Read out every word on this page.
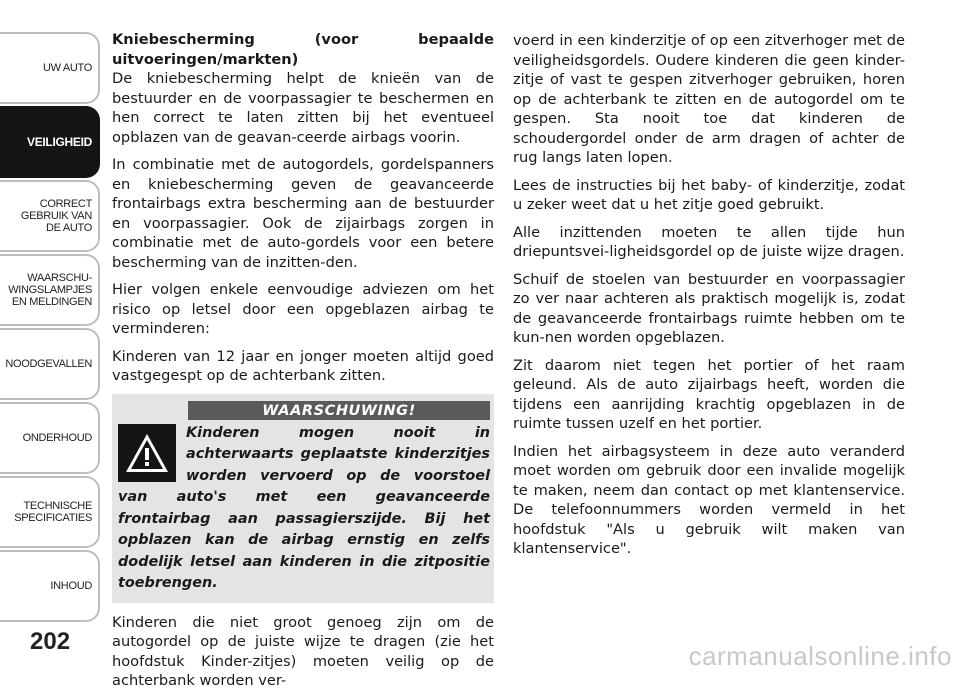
UW AUTO
VEILIGHEID
CORRECT
GEBRUIK VAN
DE AUTO
WAARSCHU-
WINGSLAMPJES
EN MELDINGEN
NOODGEVALLEN
ONDERHOUD
TECHNISCHE
SPECIFICATIES
INHOUD
202

Kniebescherming (voor bepaalde uitvoeringen/markten)

De kniebescherming helpt de knieën van de bestuurder en de voorpassagier te beschermen en hen correct te laten zitten bij het eventueel opblazen van de geavan-ceerde airbags voorin.

In combinatie met de autogordels, gordelspanners en kniebescherming geven de geavanceerde frontairbags extra bescherming aan de bestuurder en voorpassagier. Ook de zijairbags zorgen in combinatie met de auto-gordels voor een betere bescherming van de inzitten-den.

Hier volgen enkele eenvoudige adviezen om het risico op letsel door een opgeblazen airbag te verminderen:

Kinderen van 12 jaar en jonger moeten altijd goed vastgegespt op de achterbank zitten.

WAARSCHUWING!
Kinderen mogen nooit in achterwaarts geplaatste kinderzitjes worden vervoerd op de voorstoel van auto's met een geavanceerde frontairbag aan passagierszijde. Bij het opblazen kan de airbag ernstig en zelfs dodelijk letsel aan kinderen in die zitpositie toebrengen.

Kinderen die niet groot genoeg zijn om de autogordel op de juiste wijze te dragen (zie het hoofdstuk Kinder-zitjes) moeten veilig op de achterbank worden ver-

voerd in een kinderzitje of op een zitverhoger met de veiligheidsgordels. Oudere kinderen die geen kinder-zitje of vast te gespen zitverhoger gebruiken, horen op de achterbank te zitten en de autogordel om te gespen. Sta nooit toe dat kinderen de schoudergordel onder de arm dragen of achter de rug langs laten lopen.

Lees de instructies bij het baby- of kinderzitje, zodat u zeker weet dat u het zitje goed gebruikt.

Alle inzittenden moeten te allen tijde hun driepuntsvei-ligheidsgordel op de juiste wijze dragen.

Schuif de stoelen van bestuurder en voorpassagier zo ver naar achteren als praktisch mogelijk is, zodat de geavanceerde frontairbags ruimte hebben om te kun-nen worden opgeblazen.

Zit daarom niet tegen het portier of het raam geleund. Als de auto zijairbags heeft, worden die tijdens een aanrijding krachtig opgeblazen in de ruimte tussen uzelf en het portier.

Indien het airbagsysteem in deze auto veranderd moet worden om gebruik door een invalide mogelijk te maken, neem dan contact op met klantenservice. De telefoonnummers worden vermeld in het hoofdstuk "Als u gebruik wilt maken van klantenservice".

carmanualsonline.info
